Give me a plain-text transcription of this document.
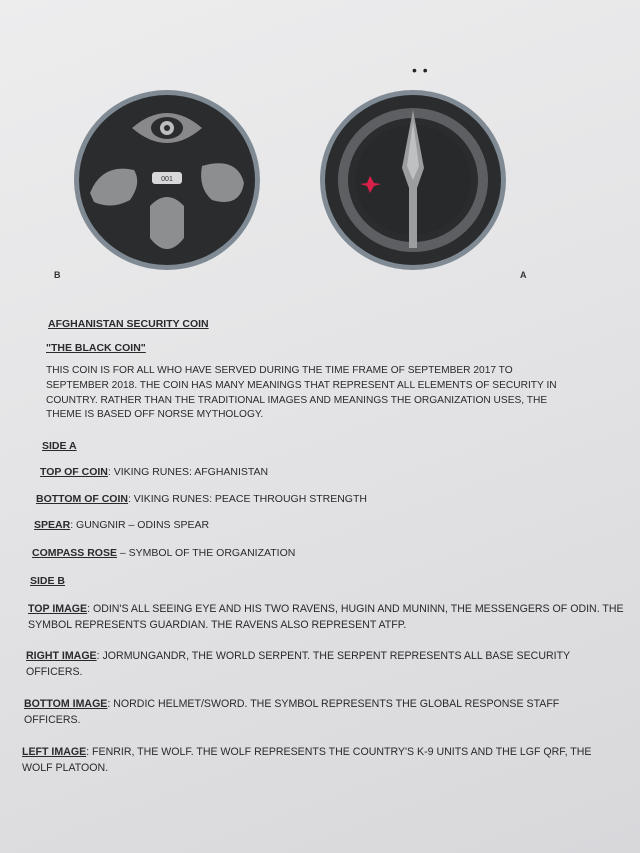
• •
001
B	A
AFGHANISTAN SECURITY COIN
"THE BLACK COIN"
THIS COIN IS FOR ALL WHO HAVE SERVED DURING THE TIME FRAME OF SEPTEMBER 2017 TO SEPTEMBER 2018. THE COIN HAS MANY MEANINGS THAT REPRESENT ALL ELEMENTS OF SECURITY IN COUNTRY. RATHER THAN THE TRADITIONAL IMAGES AND MEANINGS THE ORGANIZATION USES, THE THEME IS BASED OFF NORSE MYTHOLOGY.
SIDE A
TOP OF COIN: VIKING RUNES: AFGHANISTAN
BOTTOM OF COIN: VIKING RUNES: PEACE THROUGH STRENGTH
SPEAR: GUNGNIR – ODINS SPEAR
COMPASS ROSE – SYMBOL OF THE ORGANIZATION
SIDE B
TOP IMAGE: ODIN'S ALL SEEING EYE AND HIS TWO RAVENS, HUGIN AND MUNINN, THE MESSENGERS OF ODIN. THE SYMBOL REPRESENTS GUARDIAN. THE RAVENS ALSO REPRESENT ATFP.
RIGHT IMAGE: JORMUNGANDR, THE WORLD SERPENT. THE SERPENT REPRESENTS ALL BASE SECURITY OFFICERS.
BOTTOM IMAGE: NORDIC HELMET/SWORD. THE SYMBOL REPRESENTS THE GLOBAL RESPONSE STAFF OFFICERS.
LEFT IMAGE: FENRIR, THE WOLF. THE WOLF REPRESENTS THE COUNTRY'S K-9 UNITS AND THE LGF QRF, THE WOLF PLATOON.
